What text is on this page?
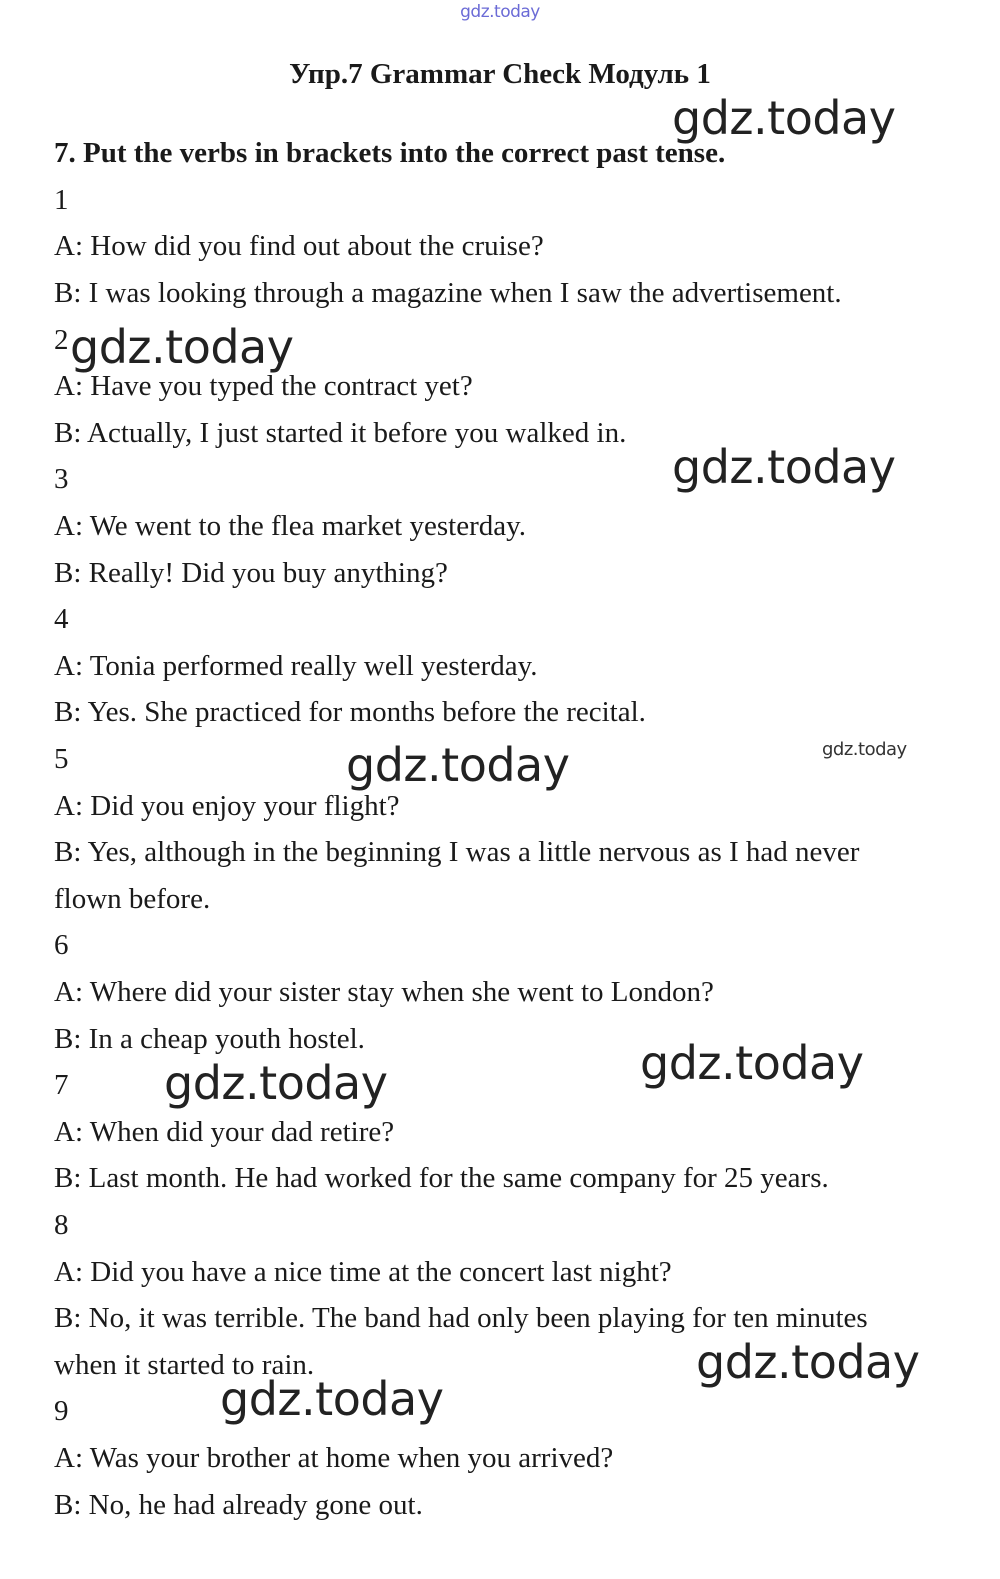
gdz.today
Упр.7 Grammar Check Модуль 1
7. Put the verbs in brackets into the correct past tense.
1
A: How did you find out about the cruise?
B: I was looking through a magazine when I saw the advertisement.
2
A: Have you typed the contract yet?
B: Actually, I just started it before you walked in.
3
A: We went to the flea market yesterday.
B: Really! Did you buy anything?
4
A: Tonia performed really well yesterday.
B: Yes. She practiced for months before the recital.
5
A: Did you enjoy your flight?
B: Yes, although in the beginning I was a little nervous as I had never
flown before.
6
A: Where did your sister stay when she went to London?
B: In a cheap youth hostel.
7
A: When did your dad retire?
B: Last month. He had worked for the same company for 25 years.
8
A: Did you have a nice time at the concert last night?
B: No, it was terrible. The band had only been playing for ten minutes
when it started to rain.
9
A: Was your brother at home when you arrived?
B: No, he had already gone out.
gdz.today
gdz.today
gdz.today
gdz.today	gdz.today
gdz.today
gdz.today
gdz.today
gdz.today
